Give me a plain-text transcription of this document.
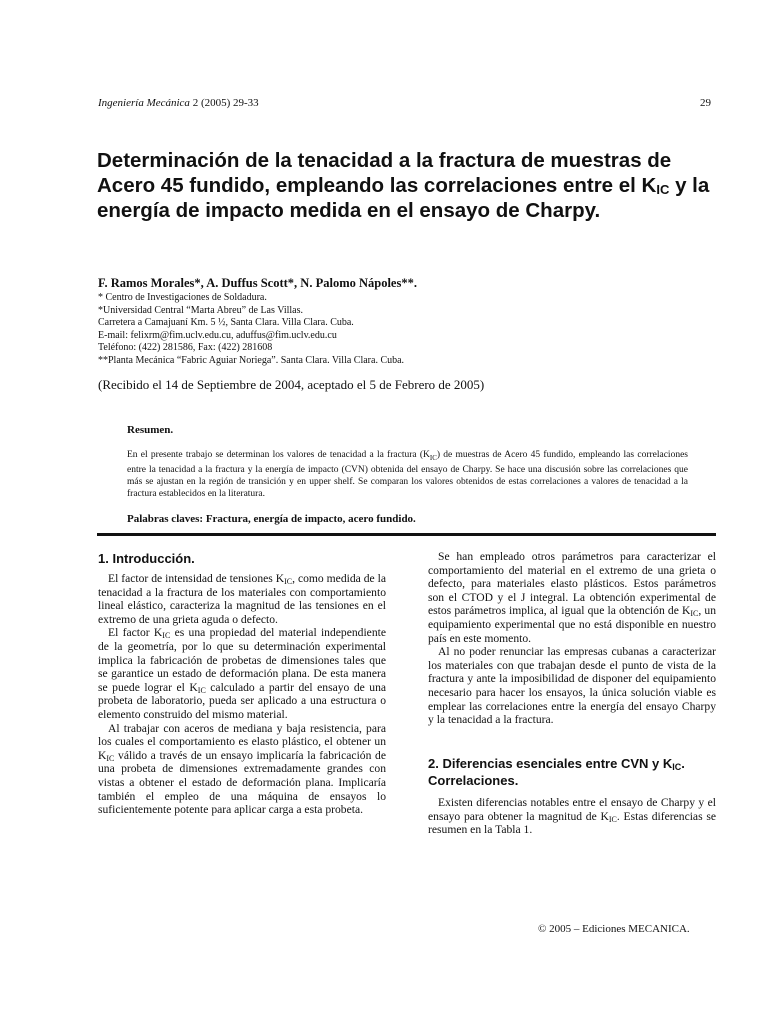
Ingeniería Mecánica 2 (2005) 29-33	29
Determinación de la tenacidad a la fractura de muestras de Acero 45 fundido, empleando las correlaciones entre el $K_{IC}$ y la energía de impacto medida en el ensayo de Charpy.
F. Ramos Morales*, A. Duffus Scott*, N. Palomo Nápoles**.
* Centro de Investigaciones de Soldadura.
*Universidad Central “Marta Abreu” de Las Villas.
Carretera a Camajuaní Km. 5 ½, Santa Clara. Villa Clara. Cuba.
E-mail: felixrm@fim.uclv.edu.cu, aduffus@fim.uclv.edu.cu
Teléfono: (422) 281586, Fax: (422) 281608
**Planta Mecánica “Fabric Aguiar Noriega”. Santa Clara. Villa Clara. Cuba.
(Recibido el 14 de Septiembre de 2004, aceptado el 5 de Febrero de 2005)
Resumen.
En el presente trabajo se determinan los valores de tenacidad a la fractura $(K_{IC})$ de muestras de Acero 45 fundido, empleando las correlaciones entre la tenacidad a la fractura y la energía de impacto (CVN) obtenida del ensayo de Charpy. Se hace una discusión sobre las correlaciones que más se ajustan en la región de transición y en upper shelf. Se comparan los valores obtenidos de estas correlaciones a valores de tenacidad a la fractura establecidos en la literatura.
Palabras claves: Fractura, energía de impacto, acero fundido.
1. Introducción.

El factor de intensidad de tensiones $K_{IC}$, como medida de la tenacidad a la fractura de los materiales con comportamiento lineal elástico, caracteriza la magnitud de las tensiones en el extremo de una grieta aguda o defecto.

El factor $K_{IC}$ es una propiedad del material independiente de la geometría, por lo que su determinación experimental implica la fabricación de probetas de dimensiones tales que se garantice un estado de deformación plana. De esta manera se puede lograr el $K_{IC}$ calculado a partir del ensayo de una probeta de laboratorio, pueda ser aplicado a una estructura o elemento construido del mismo material.

Al trabajar con aceros de mediana y baja resistencia, para los cuales el comportamiento es elasto plástico, el obtener un $K_{IC}$ válido a través de un ensayo implicaría la fabricación de una probeta de dimensiones extremadamente grandes con vistas a obtener el estado de deformación plana. Implicaría también el empleo de una máquina de ensayos lo suficientemente potente para aplicar carga a esta probeta.

Se han empleado otros parámetros para caracterizar el comportamiento del material en el extremo de una grieta o defecto, para materiales elasto plásticos. Estos parámetros son el CTOD y el J integral. La obtención experimental de estos parámetros implica, al igual que la obtención de $K_{IC}$, un equipamiento experimental que no está disponible en nuestro país en este momento.

Al no poder renunciar las empresas cubanas a caracterizar los materiales con que trabajan desde el punto de vista de la fractura y ante la imposibilidad de disponer del equipamiento necesario para hacer los ensayos, la única solución viable es emplear las correlaciones entre la energía del ensayo Charpy y la tenacidad a la fractura.

2. Diferencias esenciales entre CVN y $K_{IC}$. Correlaciones.

Existen diferencias notables entre el ensayo de Charpy y el ensayo para obtener la magnitud de $K_{IC}$. Estas diferencias se resumen en la Tabla 1.

© 2005 – Ediciones MECANICA.
